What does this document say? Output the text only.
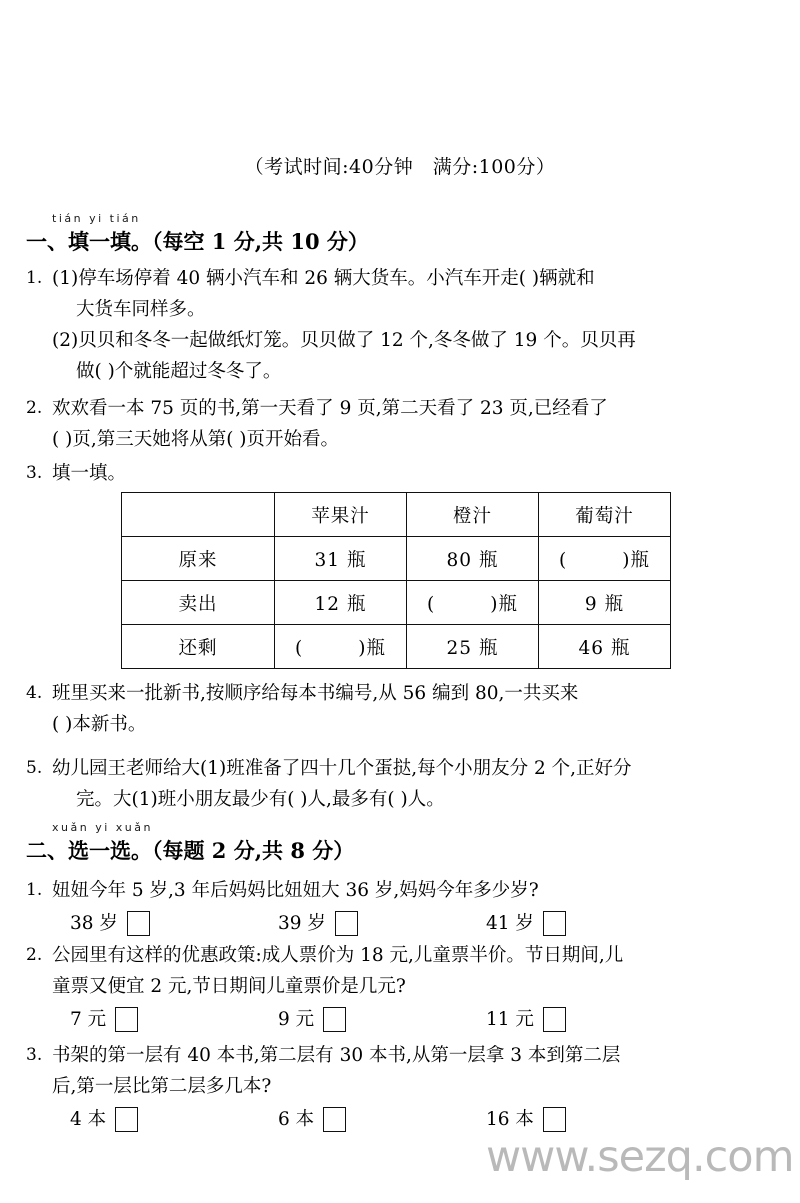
（考试时间:40分钟　满分:100分）
tián yi tián
一、填一填。（每空 1 分,共 10 分）
1. (1)停车场停着 40 辆小汽车和 26 辆大货车。小汽车开走( )辆就和
大货车同样多。
(2)贝贝和冬冬一起做纸灯笼。贝贝做了 12 个,冬冬做了 19 个。贝贝再
做( )个就能超过冬冬了。
2. 欢欢看一本 75 页的书,第一天看了 9 页,第二天看了 23 页,已经看了
( )页,第三天她将从第( )页开始看。
3. 填一填。
	苹果汁	橙汁	葡萄汁
原来	31 瓶	80 瓶	(        )瓶
卖出	12 瓶	(        )瓶	9 瓶
还剩	(        )瓶	25 瓶	46 瓶
4. 班里买来一批新书,按顺序给每本书编号,从 56 编到 80,一共买来
( )本新书。
5. 幼儿园王老师给大(1)班准备了四十几个蛋挞,每个小朋友分 2 个,正好分
完。大(1)班小朋友最少有( )人,最多有( )人。
xuǎn yi xuǎn
二、选一选。（每题 2 分,共 8 分）
1. 妞妞今年 5 岁,3 年后妈妈比妞妞大 36 岁,妈妈今年多少岁?
38 岁	39 岁	41 岁
2. 公园里有这样的优惠政策:成人票价为 18 元,儿童票半价。节日期间,儿
童票又便宜 2 元,节日期间儿童票价是几元?
7 元	9 元	11 元
3. 书架的第一层有 40 本书,第二层有 30 本书,从第一层拿 3 本到第二层
后,第一层比第二层多几本?
4 本	6 本	16 本
www.sezq.com
